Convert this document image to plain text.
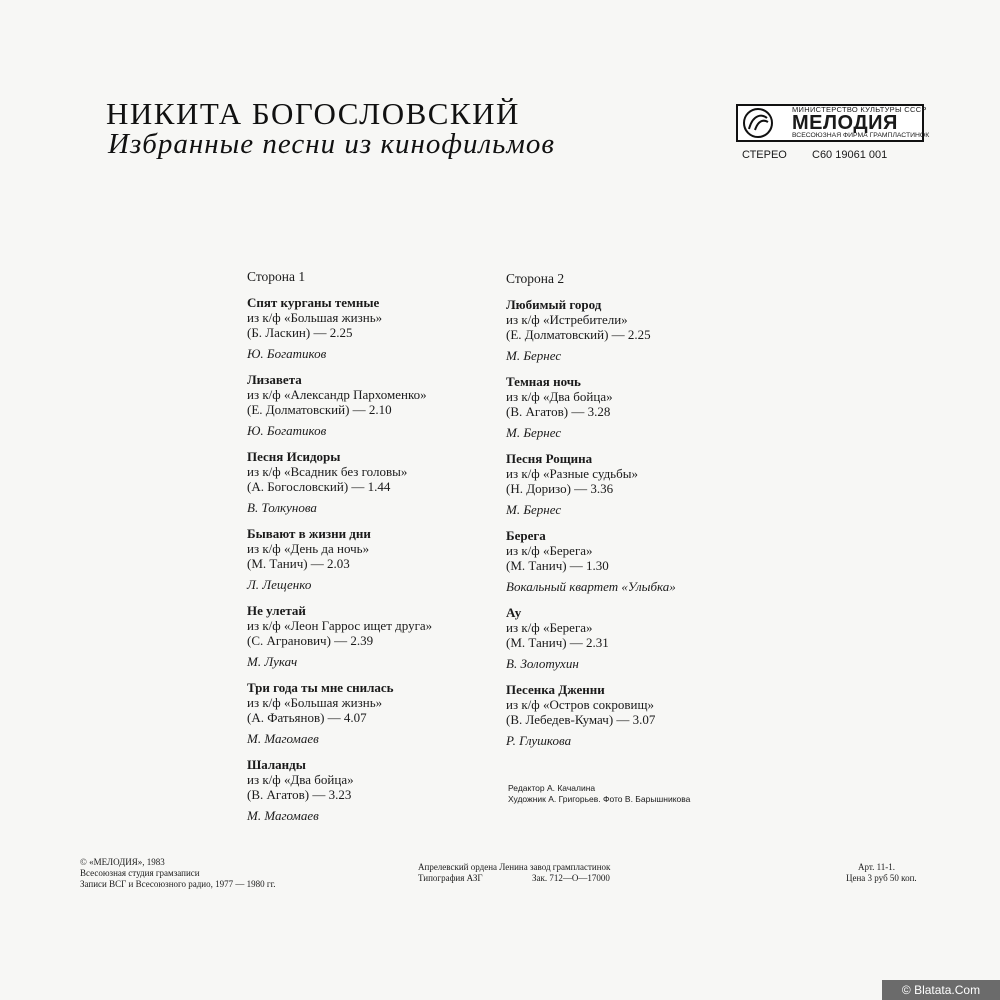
НИКИТА БОГОСЛОВСКИЙ
Избранные песни из кинофильмов
МИНИСТЕРСТВО КУЛЬТУРЫ СССР
МЕЛОДИЯ
ВСЕСОЮЗНАЯ ФИРМА ГРАМПЛАСТИНОК
СТЕРЕО С60 19061 001
Сторона 1
Спят курганы темные
из к/ф «Большая жизнь»
(Б. Ласкин) — 2.25
Ю. Богатиков
Лизавета
из к/ф «Александр Пархоменко»
(Е. Долматовский) — 2.10
Ю. Богатиков
Песня Исидоры
из к/ф «Всадник без головы»
(А. Богословский) — 1.44
В. Толкунова
Бывают в жизни дни
из к/ф «День да ночь»
(М. Танич) — 2.03
Л. Лещенко
Не улетай
из к/ф «Леон Гаррос ищет друга»
(С. Агранович) — 2.39
М. Лукач
Три года ты мне снилась
из к/ф «Большая жизнь»
(А. Фатьянов) — 4.07
М. Магомаев
Шаланды
из к/ф «Два бойца»
(В. Агатов) — 3.23
М. Магомаев
Сторона 2
Любимый город
из к/ф «Истребители»
(Е. Долматовский) — 2.25
М. Бернес
Темная ночь
из к/ф «Два бойца»
(В. Агатов) — 3.28
М. Бернес
Песня Рощина
из к/ф «Разные судьбы»
(Н. Доризо) — 3.36
М. Бернес
Берега
из к/ф «Берега»
(М. Танич) — 1.30
Вокальный квартет «Улыбка»
Ау
из к/ф «Берега»
(М. Танич) — 2.31
В. Золотухин
Песенка Дженни
из к/ф «Остров сокровищ»
(В. Лебедев-Кумач) — 3.07
Р. Глушкова
Редактор А. Качалина
Художник А. Григорьев. Фото В. Барышникова
© «МЕЛОДИЯ», 1983
Всесоюзная студия грамзаписи
Записи ВСГ и Всесоюзного радио, 1977 — 1980 гг.
Апрелевский ордена Ленина завод грампластинок
Типография АЗГ	Зак. 712—О—17000
Арт. 11-1.
Цена 3 руб 50 коп.
© Blatata.Com
